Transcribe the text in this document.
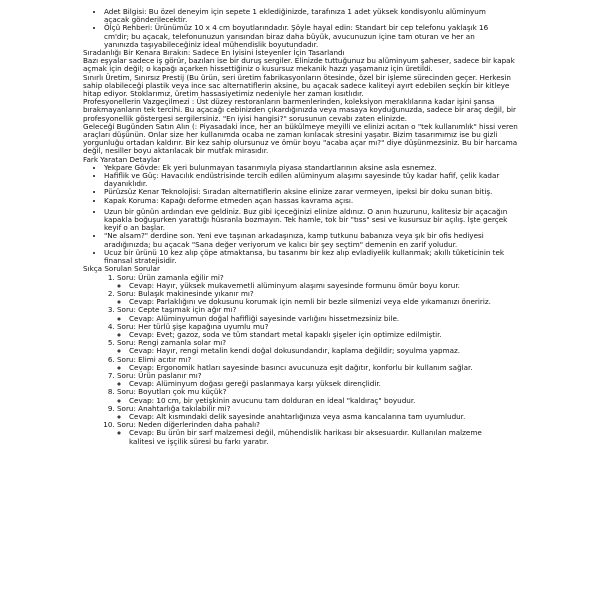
• Adet Bilgisi: Bu özel deneyim için sepete 1 eklediğinizde, tarafınıza 1 adet yüksek kondisyonlu alüminyum açacak gönderilecektir.
• Ölçü Rehberi: Ürünümüz 10 x 4 cm boyutlarındadır. Şöyle hayal edin: Standart bir cep telefonu yaklaşık 16 cm'dir; bu açacak, telefonunuzun yarısından biraz daha büyük, avucunuzun içine tam oturan ve her an yanınızda taşıyabileceğiniz ideal mühendislik boyutundadır.

Sıradanlığı Bir Kenara Bırakın: Sadece En İyisini İsteyenler İçin Tasarlandı

Bazı eşyalar sadece iş görür, bazıları ise bir duruş sergiler. Elinizde tuttuğunuz bu alüminyum şaheser, sadece bir kapak açmak için değil; o kapağı açarken hissettiğiniz o kusursuz mekanik hazzı yaşamanız için üretildi.

Sınırlı Üretim, Sınırsız Prestij (Bu ürün, seri üretim fabrikasyonların ötesinde, özel bir işleme sürecinden geçer. Herkesin sahip olabileceği plastik veya ince sac alternatiflerin aksine, bu açacak sadece kaliteyi ayırt edebilen seçkin bir kitleye hitap ediyor. Stoklarımız, üretim hassasiyetimiz nedeniyle her zaman kısıtlıdır.

Profesyonellerin Vazgeçilmezi : Üst düzey restoranların barmenlerinden, koleksiyon meraklılarına kadar işini şansa bırakmayanların tek tercihi. Bu açacağı cebinizden çıkardığınızda veya masaya koyduğunuzda, sadece bir araç değil, bir profesyonellik göstergesi sergilersiniz. "En iyisi hangisi?" sorusunun cevabı zaten elinizde.

Geleceği Bugünden Satın Alın (: Piyasadaki ince, her an bükülmeye meyilli ve elinizi acıtan o "tek kullanımlık" hissi veren araçları düşünün. Onlar size her kullanımda ocaba ne zaman kırılacak stresini yaşatır. Bizim tasarımımız ise bu gizli yorgunluğu ortadan kaldırır. Bir kez sahip olursunuz ve ömür boyu "acaba açar mı?" diye düşünmezsiniz. Bu bir harcama değil, nesiller boyu aktarılacak bir mutfak mirasıdır.

Fark Yaratan Detaylar

• Yekpare Gövde: Ek yeri bulunmayan tasarımıyla piyasa standartlarının aksine asla esnemez.
• Hafiflik ve Güç: Havacılık endüstrisinde tercih edilen alüminyum alaşımı sayesinde tüy kadar hafif, çelik kadar dayanıklıdır.
• Pürüzsüz Kenar Teknolojisi: Sıradan alternatiflerin aksine elinize zarar vermeyen, ipeksi bir doku sunan bitiş.
• Kapak Koruma: Kapağı deforme etmeden açan hassas kavrama açısı.
• Uzun bir günün ardından eve geldiniz. Buz gibi içeceğinizi elinize aldınız. O anın huzurunu, kalitesiz bir açacağın kapakla boğuşurken yarattığı hüsranla bozmayın. Tek hamle, tok bir "tıss" sesi ve kusursuz bir açılış. İşte gerçek keyif o an başlar.
• "Ne alsam?" derdine son. Yeni eve taşınan arkadaşınıza, kamp tutkunu babanıza veya şık bir ofis hediyesi aradığınızda; bu açacak "Sana değer veriyorum ve kalıcı bir şey seçtim" demenin en zarif yoludur.
• Ucuz bir ürünü 10 kez alıp çöpe atmaktansa, bu tasarımı bir kez alıp evladiyelik kullanmak; akıllı tüketicinin tek finansal stratejisidir.
Sıkça Sorulan Sorular
1. Soru: Ürün zamanla eğilir mi?
◦ Cevap: Hayır, yüksek mukavemetli alüminyum alaşımı sayesinde formunu ömür boyu korur.
2. Soru: Bulaşık makinesinde yıkanır mı?
◦ Cevap: Parlaklığını ve dokusunu korumak için nemli bir bezle silmenizi veya elde yıkamanızı öneririz.
3. Soru: Cepte taşımak için ağır mı?
◦ Cevap: Alüminyumun doğal hafifliği sayesinde varlığını hissetmezsiniz bile.
4. Soru: Her türlü şişe kapağına uyumlu mu?
◦ Cevap: Evet; gazoz, soda ve tüm standart metal kapaklı şişeler için optimize edilmiştir.
5. Soru: Rengi zamanla solar mı?
◦ Cevap: Hayır, rengi metalin kendi doğal dokusundandır, kaplama değildir; soyulma yapmaz.
6. Soru: Elimi acıtır mı?
◦ Cevap: Ergonomik hatları sayesinde basıncı avucunuza eşit dağıtır, konforlu bir kullanım sağlar.
7. Soru: Ürün paslanır mı?
◦ Cevap: Alüminyum doğası gereği paslanmaya karşı yüksek dirençlidir.
8. Soru: Boyutları çok mu küçük?
◦ Cevap: 10 cm, bir yetişkinin avucunu tam dolduran en ideal "kaldıraç" boyudur.
9. Soru: Anahtarlığa takılabilir mi?
◦ Cevap: Alt kısmındaki delik sayesinde anahtarlığınıza veya asma kancalarına tam uyumludur.
10. Soru: Neden diğerlerinden daha pahalı?
◦ Cevap: Bu ürün bir sarf malzemesi değil, mühendislik harikası bir aksesuardır. Kullanılan malzeme kalitesi ve işçilik süresi bu farkı yaratır.
